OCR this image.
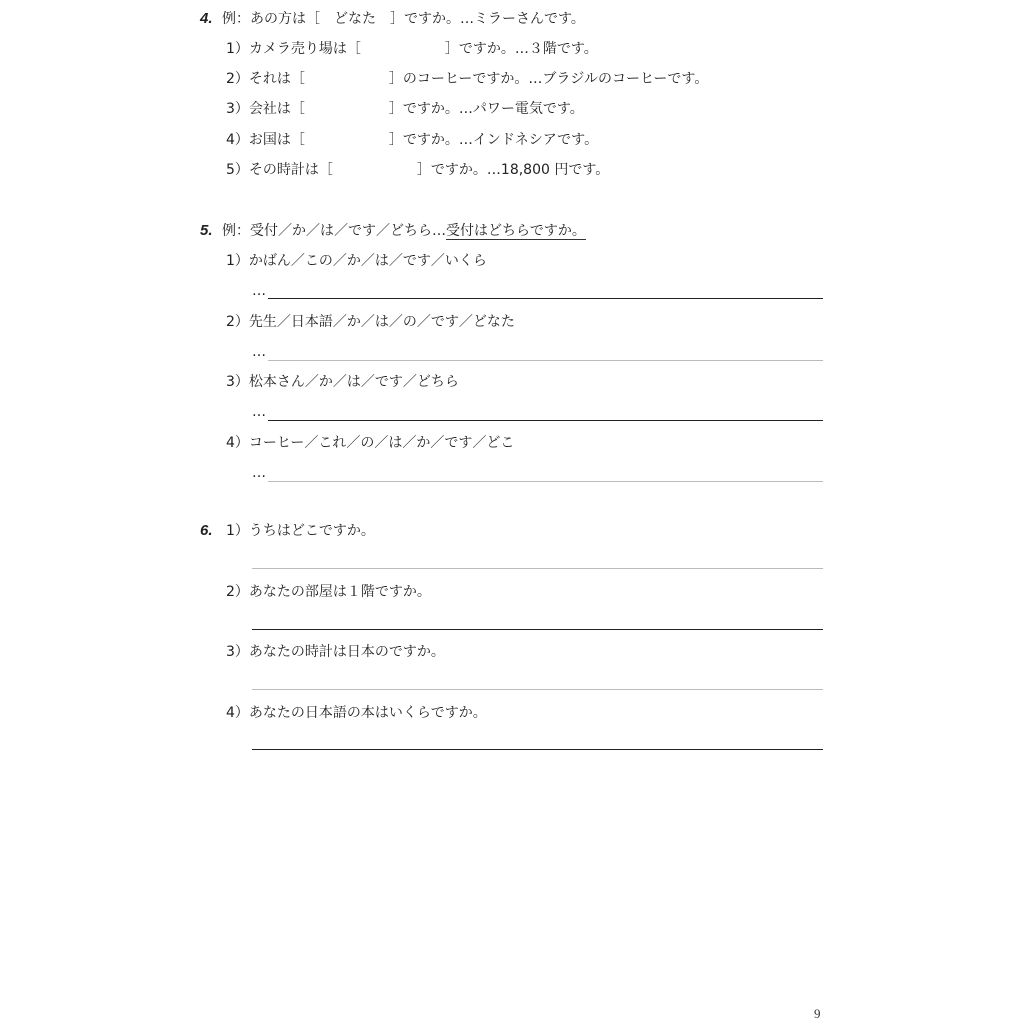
4. 例：あの方は［　どなた　］ですか。…ミラーさんです。
1）カメラ売り場は［　　　　　　］ですか。…３階です。
2）それは［　　　　　　］のコーヒーですか。…ブラジルのコーヒーです。
3）会社は［　　　　　　］ですか。…パワー電気です。
4）お国は［　　　　　　］ですか。…インドネシアです。
5）その時計は［　　　　　　］ですか。…18,800 円です。
5. 例：受付／か／は／です／どちら…受付はどちらですか。
1）かばん／この／か／は／です／いくら
…
2）先生／日本語／か／は／の／です／どなた
…
3）松本さん／か／は／です／どちら
…
4）コーヒー／これ／の／は／か／です／どこ
…
6. 1）うちはどこですか。
2）あなたの部屋は１階ですか。
3）あなたの時計は日本のですか。
4）あなたの日本語の本はいくらですか。
9
